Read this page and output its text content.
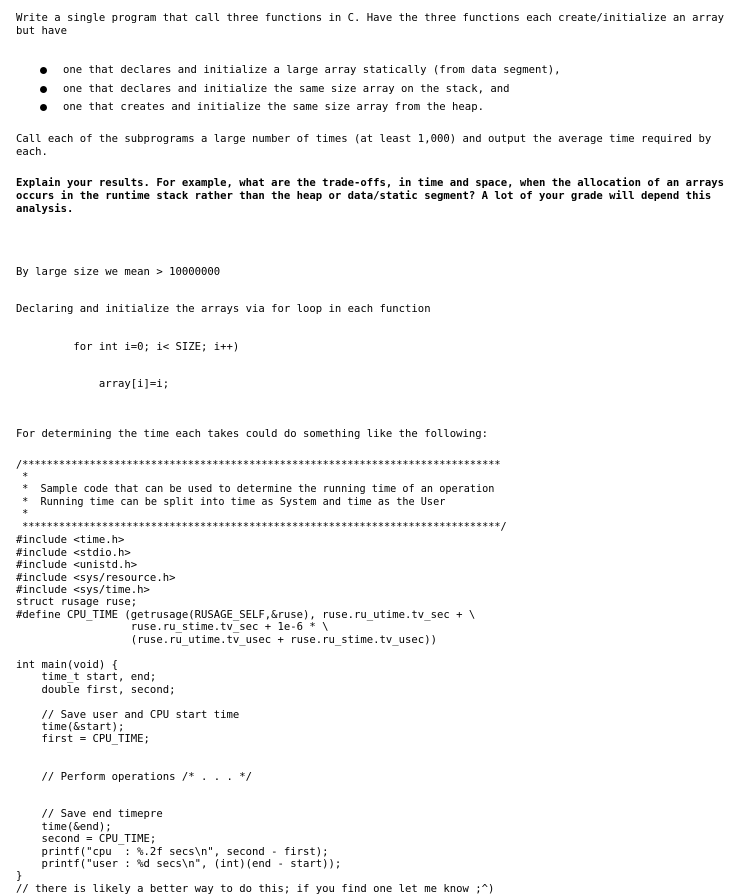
Write a single program that call three functions in C. Have the three functions each create/initialize an array but have

one that declares and initialize a large array statically (from data segment),
one that declares and initialize the same size array on the stack, and
one that creates and initialize the same size array from the heap.

Call each of the subprograms a large number of times (at least 1,000) and output the average time required by each.

Explain your results. For example, what are the trade-offs, in time and space, when the allocation of an arrays occurs in the runtime stack rather than the heap or data/static segment? A lot of your grade will depend this analysis.

By large size we mean > 10000000

Declaring and initialize the arrays via for loop in each function

for int i=0; i< SIZE; i++)

array[i]=i;

For determining the time each takes could do something like the following:

/******************************************************************************
*
*  Sample code that can be used to determine the running time of an operation
*  Running time can be split into time as System and time as the User
*
******************************************************************************/
#include <time.h>
#include <stdio.h>
#include <unistd.h>
#include <sys/resource.h>
#include <sys/time.h>
struct rusage ruse;
#define CPU_TIME (getrusage(RUSAGE_SELF,&ruse), ruse.ru_utime.tv_sec + \
ruse.ru_stime.tv_sec + 1e-6 * \
(ruse.ru_utime.tv_usec + ruse.ru_stime.tv_usec))

int main(void) {
time_t start, end;
double first, second;

// Save user and CPU start time
time(&start);
first = CPU_TIME;

// Perform operations /* . . . */

// Save end timepre
time(&end);
second = CPU_TIME;
printf("cpu  : %.2f secs\n", second - first);
printf("user : %d secs\n", (int)(end - start));
}
// there is likely a better way to do this; if you find one let me know ;^)
